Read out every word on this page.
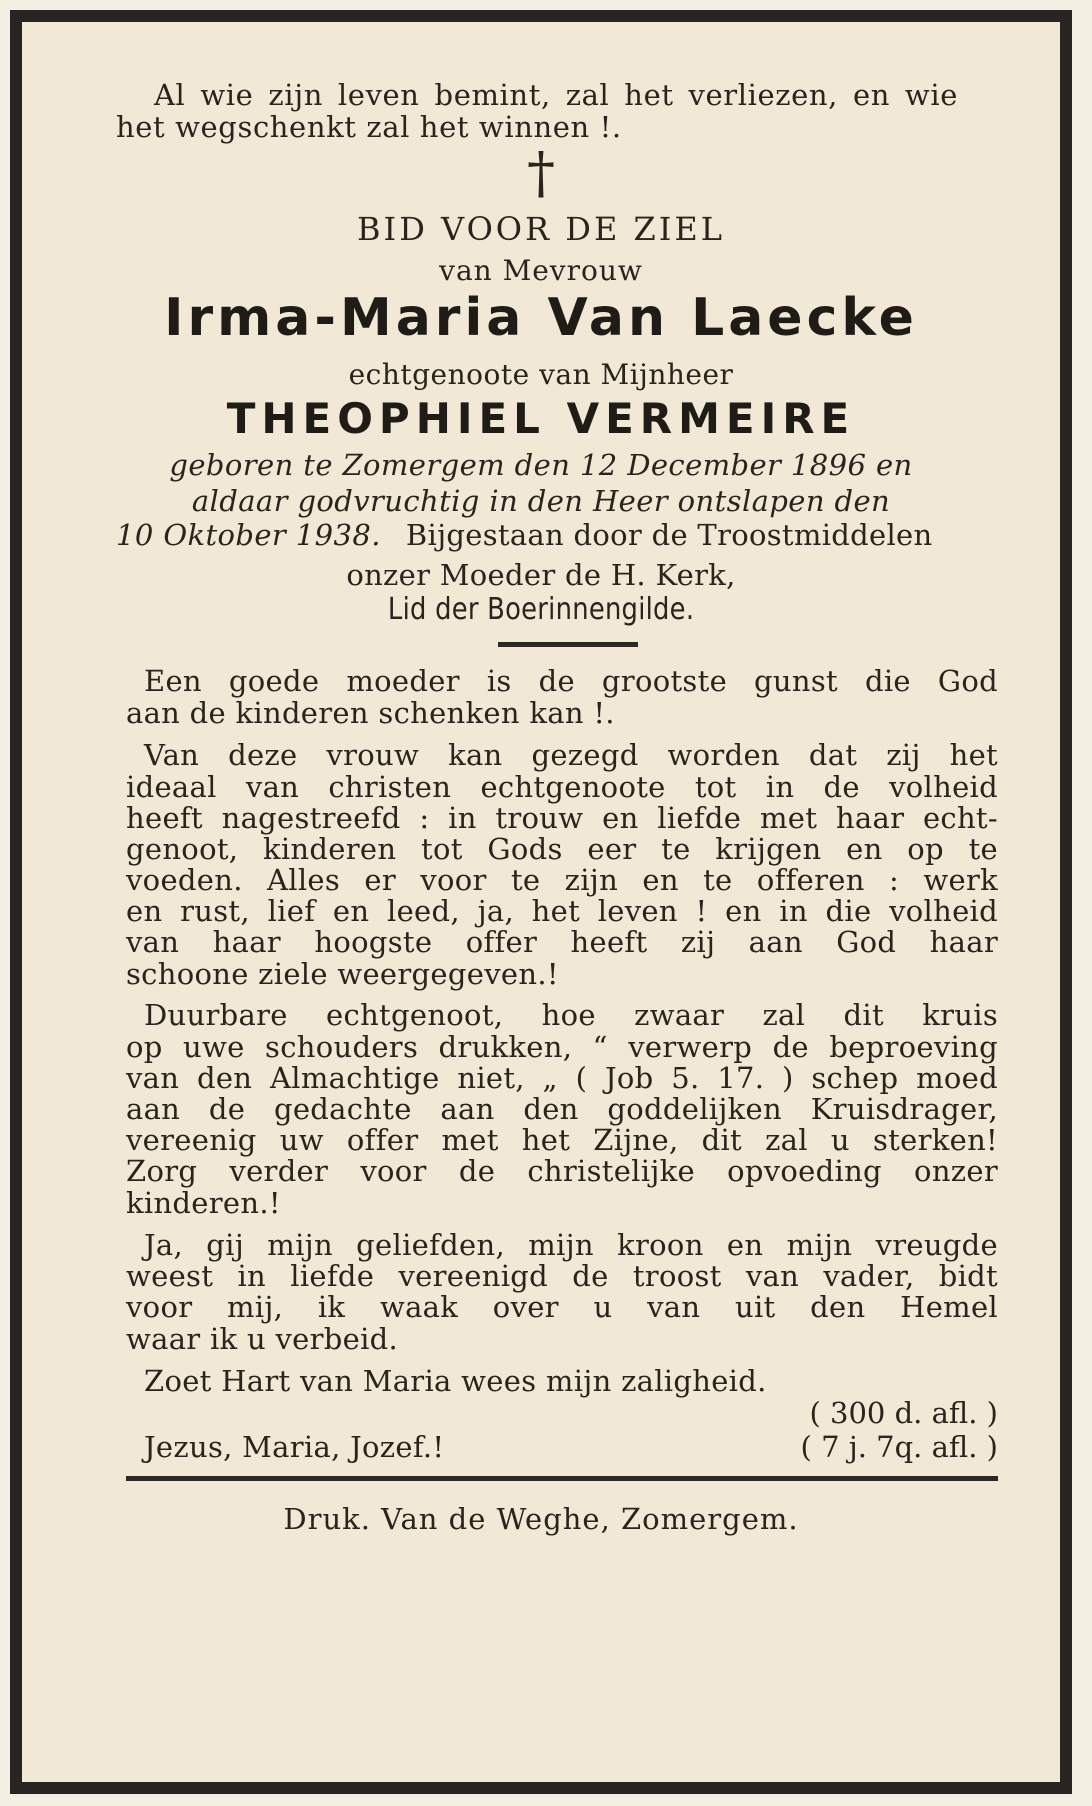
Al wie zijn leven bemint, zal het verliezen, en wie
het wegschenkt zal het winnen !.
†
BID VOOR DE ZIEL
van Mevrouw
Irma-Maria Van Laecke
echtgenoote van Mijnheer
THEOPHIEL VERMEIRE
geboren te Zomergem den 12 December 1896 en
aldaar godvruchtig in den Heer ontslapen den
10 Oktober 1938. Bijgestaan door de Troostmiddelen
onzer Moeder de H. Kerk,
Lid der Boerinnengilde.
Een goede moeder is de grootste gunst die God
aan de kinderen schenken kan !.
Van deze vrouw kan gezegd worden dat zij het
ideaal van christen echtgenoote tot in de volheid
heeft nagestreefd : in trouw en liefde met haar echt-
genoot, kinderen tot Gods eer te krijgen en op te
voeden. Alles er voor te zijn en te offeren : werk
en rust, lief en leed, ja, het leven ! en in die volheid
van haar hoogste offer heeft zij aan God haar
schoone ziele weergegeven.!
Duurbare echtgenoot, hoe zwaar zal dit kruis
op uwe schouders drukken, “ verwerp de beproeving
van den Almachtige niet, „ ( Job 5. 17. ) schep moed
aan de gedachte aan den goddelijken Kruisdrager,
vereenig uw offer met het Zijne, dit zal u sterken!
Zorg verder voor de christelijke opvoeding onzer
kinderen.!
Ja, gij mijn geliefden, mijn kroon en mijn vreugde
weest in liefde vereenigd de troost van vader, bidt
voor mij, ik waak over u van uit den Hemel
waar ik u verbeid.
Zoet Hart van Maria wees mijn zaligheid.
( 300 d. afl. )
Jezus, Maria, Jozef.!	( 7 j. 7q. afl. )
Druk. Van de Weghe, Zomergem.
